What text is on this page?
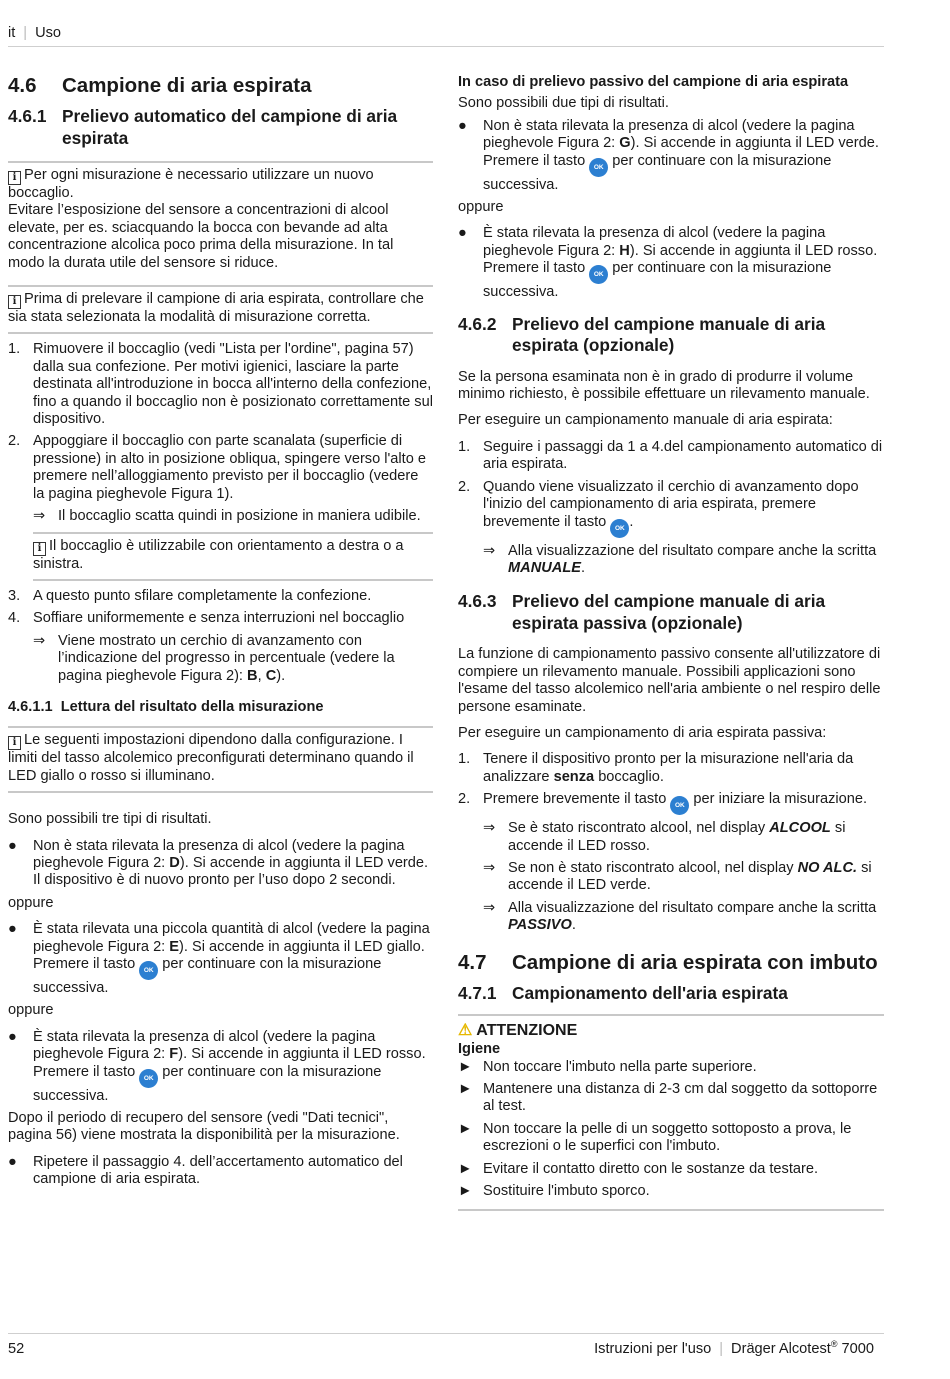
it | Uso
4.6	Campione di aria espirata
4.6.1 Prelievo automatico del campione di aria espirata
i Per ogni misurazione è necessario utilizzare un nuovo boccaglio.
Evitare l’esposizione del sensore a concentrazioni di alcool elevate, per es. sciacquando la bocca con bevande ad alta concentrazione alcolica poco prima della misurazione. In tal modo la durata utile del sensore si riduce.
i Prima di prelevare il campione di aria espirata, controllare che sia stata selezionata la modalità di misurazione corretta.
1. Rimuovere il boccaglio (vedi "Lista per l'ordine", pagina 57) dalla sua confezione. Per motivi igienici, lasciare la parte destinata all'introduzione in bocca all'interno della confezione, fino a quando il boccaglio non è posizionato correttamente sul dispositivo.
2. Appoggiare il boccaglio con parte scanalata (superficie di pressione) in alto in posizione obliqua, spingere verso l'alto e premere nell’alloggiamento previsto per il boccaglio (vedere la pagina pieghevole Figura 1).
⇒ Il boccaglio scatta quindi in posizione in maniera udibile.
i Il boccaglio è utilizzabile con orientamento a destra o a sinistra.
3. A questo punto sfilare completamente la confezione.
4. Soffiare uniformemente e senza interruzioni nel boccaglio
⇒ Viene mostrato un cerchio di avanzamento con l’indicazione del progresso in percentuale (vedere la pagina pieghevole Figura 2): B, C).
4.6.1.1 Lettura del risultato della misurazione
i Le seguenti impostazioni dipendono dalla configurazione. I limiti del tasso alcolemico preconfigurati determinano quando il LED giallo o rosso si illuminano.

Sono possibili tre tipi di risultati.

●	Non è stata rilevata la presenza di alcol (vedere la pagina pieghevole Figura 2: D). Si accende in aggiunta il LED verde. Il dispositivo è di nuovo pronto per l’uso dopo 2 secondi.

oppure

●	È stata rilevata una piccola quantità di alcol (vedere la pagina pieghevole Figura 2: E). Si accende in aggiunta il LED giallo. Premere il tasto OK per continuare con la misurazione successiva.

oppure

●	È stata rilevata la presenza di alcol (vedere la pagina pieghevole Figura 2: F). Si accende in aggiunta il LED rosso. Premere il tasto OK per continuare con la misurazione successiva.

Dopo il periodo di recupero del sensore (vedi "Dati tecnici", pagina 56) viene mostrata la disponibilità per la misurazione.

●	Ripetere il passaggio 4. dell’accertamento automatico del campione di aria espirata.
In caso di prelievo passivo del campione di aria espirata

Sono possibili due tipi di risultati.

●	Non è stata rilevata la presenza di alcol (vedere la pagina pieghevole Figura 2: G). Si accende in aggiunta il LED verde. Premere il tasto OK per continuare con la misurazione successiva.

oppure

●	È stata rilevata la presenza di alcol (vedere la pagina pieghevole Figura 2: H). Si accende in aggiunta il LED rosso. Premere il tasto OK per continuare con la misurazione successiva.
4.6.2 Prelievo del campione manuale di aria espirata (opzionale)

Se la persona esaminata non è in grado di produrre il volume minimo richiesto, è possibile effettuare un rilevamento manuale.

Per eseguire un campionamento manuale di aria espirata:

1. Seguire i passaggi da 1 a 4.del campionamento automatico di aria espirata.
2. Quando viene visualizzato il cerchio di avanzamento dopo l'inizio del campionamento di aria espirata, premere brevemente il tasto OK .
⇒ Alla visualizzazione del risultato compare anche la scritta MANUALE.
4.6.3 Prelievo del campione manuale di aria espirata passiva (opzionale)

La funzione di campionamento passivo consente all'utilizzatore di compiere un rilevamento manuale. Possibili applicazioni sono l'esame del tasso alcolemico nell'aria ambiente o nel respiro delle persone esaminate.

Per eseguire un campionamento di aria espirata passiva:

1. Tenere il dispositivo pronto per la misurazione nell'aria da analizzare senza boccaglio.
2. Premere brevemente il tasto OK per iniziare la misurazione.
⇒ Se è stato riscontrato alcool, nel display ALCOOL si accende il LED rosso.
⇒ Se non è stato riscontrato alcool, nel display NO ALC. si accende il LED verde.
⇒ Alla visualizzazione del risultato compare anche la scritta PASSIVO.
4.7	Campione di aria espirata con imbuto
4.7.1 Campionamento dell'aria espirata
⚠ ATTENZIONE
Igiene
► Non toccare l'imbuto nella parte superiore.
► Mantenere una distanza di 2-3 cm dal soggetto da sottoporre al test.
► Non toccare la pelle di un soggetto sottoposto a prova, le escrezioni o le superfici con l'imbuto.
► Evitare il contatto diretto con le sostanze da testare.
► Sostituire l'imbuto sporco.
52	Istruzioni per l'uso | Dräger Alcotest® 7000
